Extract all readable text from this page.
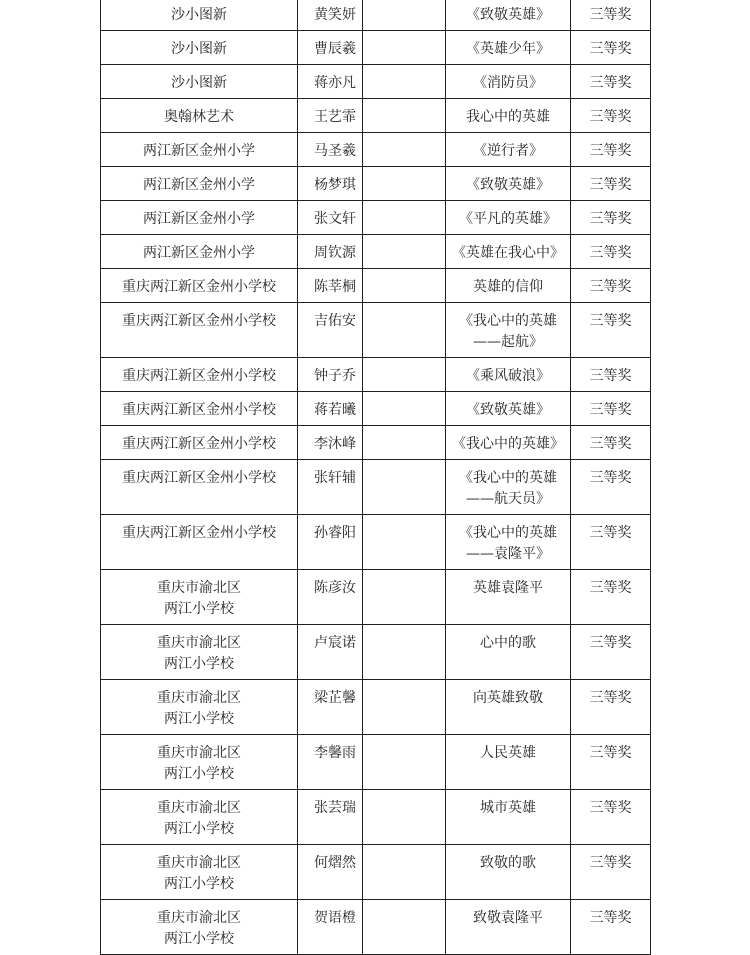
沙小图新	黄笑妍		《致敬英雄》	三等奖

沙小图新	曹辰羲		《英雄少年》	三等奖

沙小图新	蒋亦凡		《消防员》	三等奖

奥翰林艺术	王艺霏		我心中的英雄	三等奖

两江新区金州小学	马圣羲		《逆行者》	三等奖

两江新区金州小学	杨梦琪		《致敬英雄》	三等奖

两江新区金州小学	张文轩		《平凡的英雄》	三等奖

两江新区金州小学	周钦源		《英雄在我心中》	三等奖

重庆两江新区金州小学校	陈莘桐		英雄的信仰	三等奖

重庆两江新区金州小学校	吉佑安		《我心中的英雄
——起航》	三等奖

重庆两江新区金州小学校	钟子乔		《乘风破浪》	三等奖

重庆两江新区金州小学校	蒋若曦		《致敬英雄》	三等奖

重庆两江新区金州小学校	李沐峰		《我心中的英雄》	三等奖

重庆两江新区金州小学校	张轩辅		《我心中的英雄
——航天员》	三等奖

重庆两江新区金州小学校	孙睿阳		《我心中的英雄
——袁隆平》	三等奖

重庆市渝北区
两江小学校	陈彦汝		英雄袁隆平	三等奖

重庆市渝北区
两江小学校	卢宸诺		心中的歌	三等奖

重庆市渝北区
两江小学校	梁芷馨		向英雄致敬	三等奖

重庆市渝北区
两江小学校	李馨雨		人民英雄	三等奖

重庆市渝北区
两江小学校	张芸瑞		城市英雄	三等奖

重庆市渝北区
两江小学校	何熠然		致敬的歌	三等奖

重庆市渝北区
两江小学校	贺语橙		致敬袁隆平	三等奖
